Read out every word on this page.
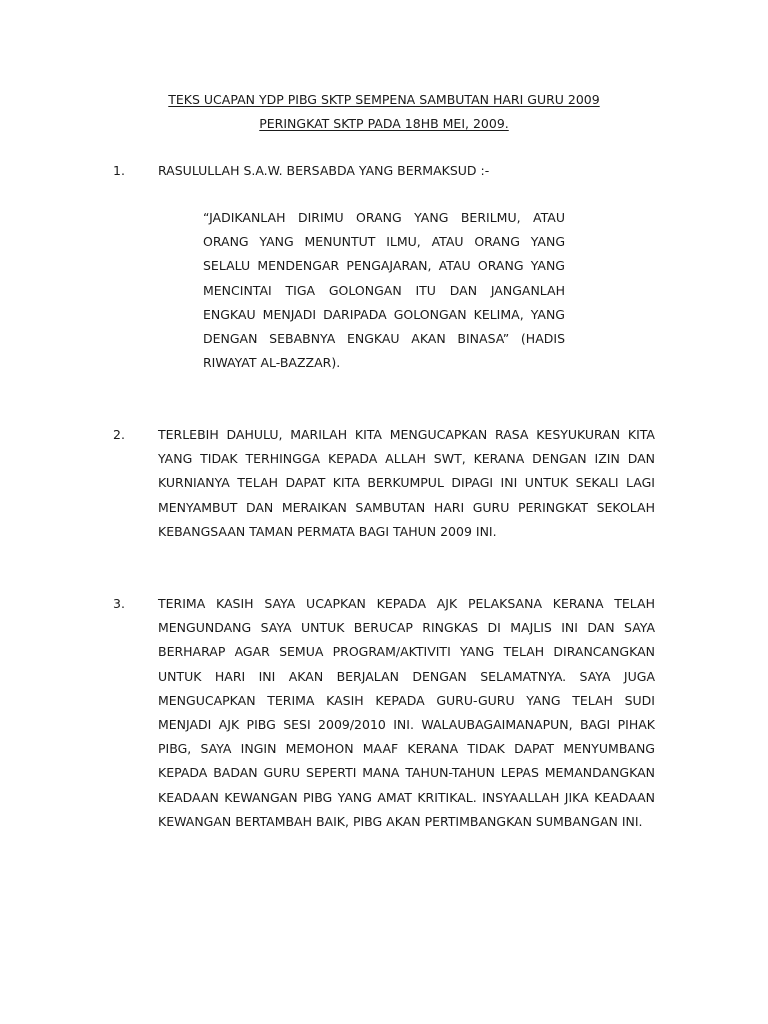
TEKS UCAPAN YDP PIBG SKTP SEMPENA SAMBUTAN HARI GURU 2009
PERINGKAT SKTP PADA 18HB MEI, 2009.
1.	RASULULLAH S.A.W. BERSABDA YANG BERMAKSUD :-
“JADIKANLAH DIRIMU ORANG YANG BERILMU, ATAU ORANG YANG MENUNTUT ILMU, ATAU ORANG YANG SELALU MENDENGAR PENGAJARAN, ATAU ORANG YANG MENCINTAI TIGA GOLONGAN ITU DAN JANGANLAH ENGKAU MENJADI DARIPADA GOLONGAN KELIMA, YANG DENGAN SEBABNYA ENGKAU AKAN BINASA” (HADIS RIWAYAT AL-BAZZAR).
2.	TERLEBIH DAHULU, MARILAH KITA MENGUCAPKAN RASA KESYUKURAN KITA YANG TIDAK TERHINGGA KEPADA ALLAH SWT, KERANA DENGAN IZIN DAN KURNIANYA TELAH DAPAT KITA BERKUMPUL DIPAGI INI UNTUK SEKALI LAGI MENYAMBUT DAN MERAIKAN SAMBUTAN HARI GURU PERINGKAT SEKOLAH KEBANGSAAN TAMAN PERMATA BAGI TAHUN 2009 INI.
3.	TERIMA KASIH SAYA UCAPKAN KEPADA AJK PELAKSANA KERANA TELAH MENGUNDANG SAYA UNTUK BERUCAP RINGKAS DI MAJLIS INI DAN SAYA BERHARAP AGAR SEMUA PROGRAM/AKTIVITI YANG TELAH DIRANCANGKAN UNTUK HARI INI AKAN BERJALAN DENGAN SELAMATNYA. SAYA JUGA MENGUCAPKAN TERIMA KASIH KEPADA GURU-GURU YANG TELAH SUDI MENJADI AJK PIBG SESI 2009/2010 INI. WALAUBAGAIMANAPUN, BAGI PIHAK PIBG, SAYA INGIN MEMOHON MAAF KERANA TIDAK DAPAT MENYUMBANG KEPADA BADAN GURU SEPERTI MANA TAHUN-TAHUN LEPAS MEMANDANGKAN KEADAAN KEWANGAN PIBG YANG AMAT KRITIKAL. INSYAALLAH JIKA KEADAAN KEWANGAN BERTAMBAH BAIK, PIBG AKAN PERTIMBANGKAN SUMBANGAN INI.
